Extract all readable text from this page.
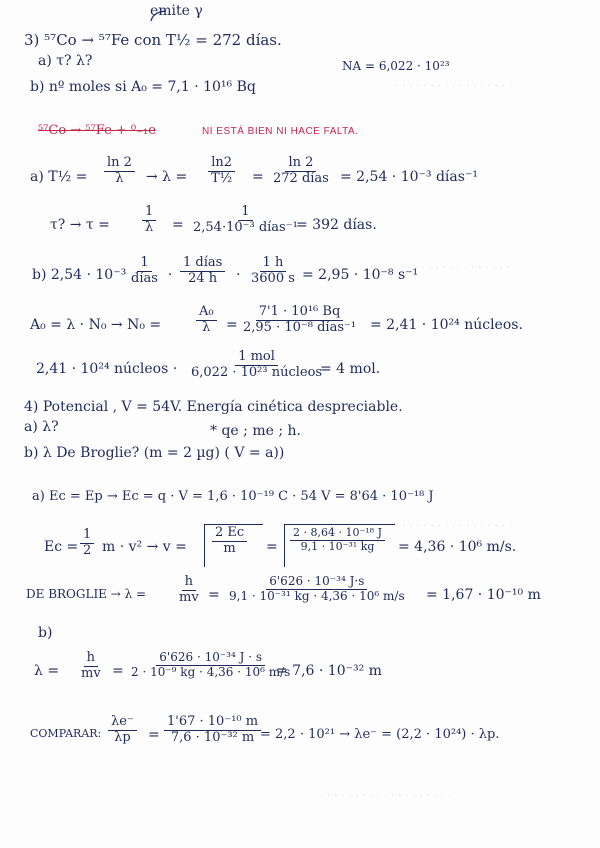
· · · · · · · · · · · · · · · · ·
· · · · · · · · · · · · · · · ·
· · · · · · · · · · · · · · · · ·
· · · · · · · · · · · · · · · · · · ·
emite γ
3) ⁵⁷Co → ⁵⁷Fe con T½ = 272 días.
a) τ? λ?	NA = 6,022 · 10²³
b) nº moles si A₀ = 7,1 · 10¹⁶ Bq
⁵⁷Co → ⁵⁷Fe + ⁰₋₁e	NI ESTÁ BIEN NI HACE FALTA.
a) T½ = $\frac{\ln 2}{\lambda} \to \lambda = \frac{\ln 2}{\text{T½}}$ =
ln 2
272 días = 2,54 · 10⁻³ días⁻¹
τ? → $\tau = \frac{1}{\lambda}$ =
1
2,54·10⁻³ días⁻¹
= 392 días.
b) 2,54 · 10⁻³
1
días ·
1 días
24 $h \cdot \frac{1 h}{3600 s} = 2,95 \cdot 10^{-8}$ s⁻¹
A₀ = λ · N₀ → N₀ =	$\frac{\text{A₀}}{\lambda}$ =
7'1 · 10¹⁶ Bq
2,95 · 10⁻⁸ días⁻¹ = 2,41 · 10²⁴ núcleos.
2,41 · 10²⁴ núcleos ·
1 mol
6,022 · 10²³ núcleos
= 4 mol.
4) Potencial , V = 54V. Energía cinética despreciable.
a) λ?	* qe ; me ; h.
b) λ De Broglie? (m = 2 µg) ( V = a))
a) Ec = Ep → Ec = q · V = 1,6 · 10⁻¹⁹ C · 54 V = 8'64 · 10⁻¹⁸ J
$Ec = \frac{1}{2}$ $m \cdot v^2 \to v = \frac{2 Ec}{m} = \frac{\text{2 · 8,64 · 10⁻¹⁸ J}}{\text{9,1 · 10⁻³¹ kg}} = 4,36 \cdot 10^6$ m/s.
DE BROGLIE → $\lambda = \frac{h}{mv} = \frac{\text{6'626 · 10⁻³⁴ J·s}}{\text{9,1 · 10⁻³¹ kg · 4,36 · 10⁶ m/s}} = 1,67 \cdot 10^{-10}$ m
b)
$\lambda = \frac{h}{mv} = \frac{\text{6'626 · 10⁻³⁴ J · s}}{\text{2 · 10⁻⁹ kg · 4,36 · 10⁶ m/s}}$
= 7,6 · 10⁻³² m
COMPARAR: $\frac{\lambda e^-}{\lambda p} = \frac{\text{1'67 · 10⁻¹⁰ m}}{\text{7,6 · 10⁻³² m}}$
= 2,2 · 10²¹ → λe⁻ = (2,2 · 10²⁴) · λp.
